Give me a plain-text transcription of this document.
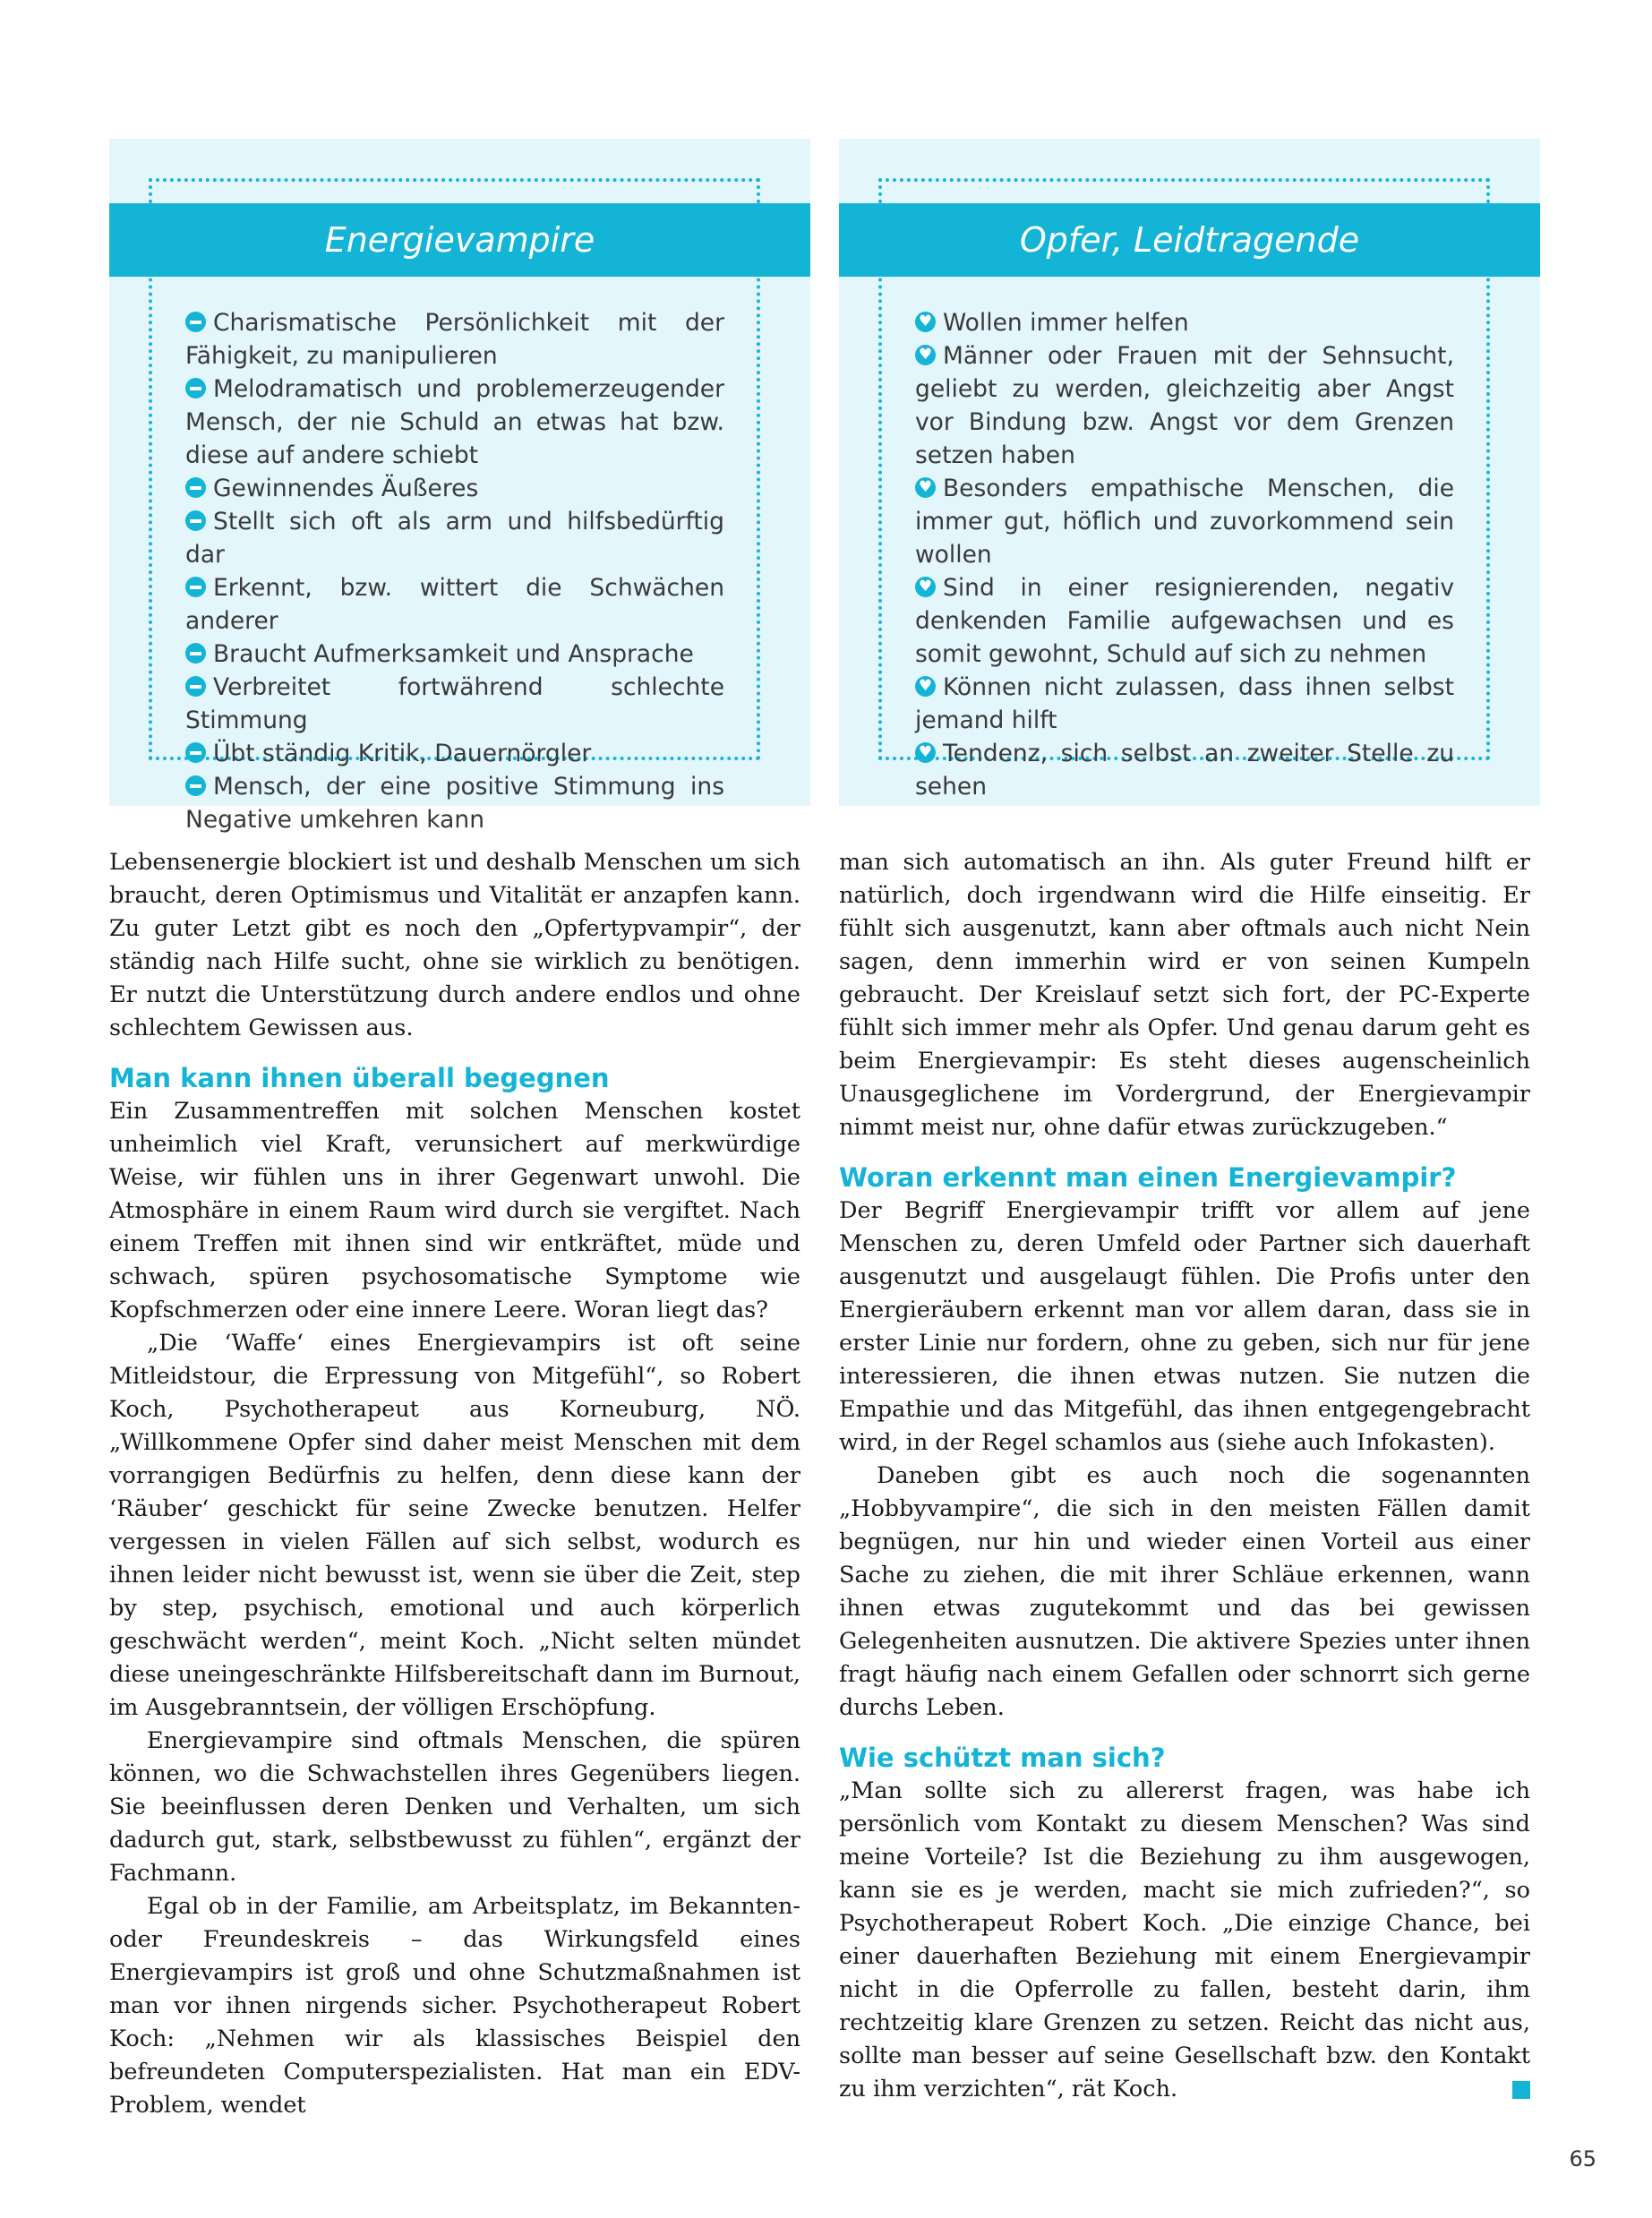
Energievampire
Charismatische Persönlichkeit mit der Fähigkeit, zu manipulieren
Melodramatisch und problemerzeugender Mensch, der nie Schuld an etwas hat bzw. diese auf andere schiebt
Gewinnendes Äußeres
Stellt sich oft als arm und hilfsbedürftig dar
Erkennt, bzw. wittert die Schwächen anderer
Braucht Aufmerksamkeit und Ansprache
Verbreitet fortwährend schlechte Stimmung
Übt ständig Kritik, Dauernörgler
Mensch, der eine positive Stimmung ins Negative umkehren kann
Opfer, Leidtragende
♥Wollen immer helfen
♥Männer oder Frauen mit der Sehnsucht, geliebt zu werden, gleichzeitig aber Angst vor Bindung bzw. Angst vor dem Grenzen setzen haben
♥Besonders empathische Menschen, die immer gut, höflich und zuvorkommend sein wollen
♥Sind in einer resignierenden, negativ denkenden Familie aufgewachsen und es somit gewohnt, Schuld auf sich zu nehmen
♥Können nicht zulassen, dass ihnen selbst jemand hilft
♥Tendenz, sich selbst an zweiter Stelle zu sehen

Lebensenergie blockiert ist und deshalb Menschen um sich braucht, deren Optimismus und Vitalität er anzapfen kann. Zu guter Letzt gibt es noch den „Opfertypvampir“, der ständig nach Hilfe sucht, ohne sie wirklich zu benötigen. Er nutzt die Unterstützung durch andere endlos und ohne schlechtem Gewissen aus.

Man kann ihnen überall begegnen

Ein Zusammentreffen mit solchen Menschen kostet unheimlich viel Kraft, verunsichert auf merkwürdige Weise, wir fühlen uns in ihrer Gegenwart unwohl. Die Atmosphäre in einem Raum wird durch sie vergiftet. Nach einem Treffen mit ihnen sind wir entkräftet, müde und schwach, spüren psychosomatische Symptome wie Kopfschmerzen oder eine innere Leere. Woran liegt das?

„Die ‘Waffe‘ eines Energievampirs ist oft seine Mitleidstour, die Erpressung von Mitgefühl“, so Robert Koch, Psychotherapeut aus Korneuburg, NÖ. „Willkommene Opfer sind daher meist Menschen mit dem vorrangigen Bedürfnis zu helfen, denn diese kann der ‘Räuber‘ geschickt für seine Zwecke benutzen. Helfer vergessen in vielen Fällen auf sich selbst, wodurch es ihnen leider nicht bewusst ist, wenn sie über die Zeit, step by step, psychisch, emotional und auch körperlich geschwächt werden“, meint Koch. „Nicht selten mündet diese uneingeschränkte Hilfsbereitschaft dann im Burnout, im Ausgebranntsein, der völligen Erschöpfung.

Energievampire sind oftmals Menschen, die spüren können, wo die Schwachstellen ihres Gegenübers liegen. Sie beeinflussen deren Denken und Verhalten, um sich dadurch gut, stark, selbstbewusst zu fühlen“, ergänzt der Fachmann.

Egal ob in der Familie, am Arbeitsplatz, im Bekannten- oder Freundeskreis – das Wirkungsfeld eines Energievampirs ist groß und ohne Schutzmaßnahmen ist man vor ihnen nirgends sicher. Psychotherapeut Robert Koch: „Nehmen wir als klassisches Beispiel den befreundeten Computerspezialisten. Hat man ein EDV-Problem, wendet

man sich automatisch an ihn. Als guter Freund hilft er natürlich, doch irgendwann wird die Hilfe einseitig. Er fühlt sich ausgenutzt, kann aber oftmals auch nicht Nein sagen, denn immerhin wird er von seinen Kumpeln gebraucht. Der Kreislauf setzt sich fort, der PC-Experte fühlt sich immer mehr als Opfer. Und genau darum geht es beim Energievampir: Es steht dieses augenscheinlich Unausgeglichene im Vordergrund, der Energievampir nimmt meist nur, ohne dafür etwas zurückzugeben.“

Woran erkennt man einen Energievampir?

Der Begriff Energievampir trifft vor allem auf jene Menschen zu, deren Umfeld oder Partner sich dauerhaft ausgenutzt und ausgelaugt fühlen. Die Profis unter den Energieräubern erkennt man vor allem daran, dass sie in erster Linie nur fordern, ohne zu geben, sich nur für jene interessieren, die ihnen etwas nutzen. Sie nutzen die Empathie und das Mitgefühl, das ihnen entgegengebracht wird, in der Regel schamlos aus (siehe auch Infokasten).

Daneben gibt es auch noch die sogenannten „Hobbyvampire“, die sich in den meisten Fällen damit begnügen, nur hin und wieder einen Vorteil aus einer Sache zu ziehen, die mit ihrer Schläue erkennen, wann ihnen etwas zugutekommt und das bei gewissen Gelegenheiten ausnutzen. Die aktivere Spezies unter ihnen fragt häufig nach einem Gefallen oder schnorrt sich gerne durchs Leben.

Wie schützt man sich?

„Man sollte sich zu allererst fragen, was habe ich persönlich vom Kontakt zu diesem Menschen? Was sind meine Vorteile? Ist die Beziehung zu ihm ausgewogen, kann sie es je werden, macht sie mich zufrieden?“, so Psychotherapeut Robert Koch. „Die einzige Chance, bei einer dauerhaften Beziehung mit einem Energievampir nicht in die Opferrolle zu fallen, besteht darin, ihm rechtzeitig klare Grenzen zu setzen. Reicht das nicht aus, sollte man besser auf seine Gesellschaft bzw. den Kontakt zu ihm verzichten“, rät Koch.

65
